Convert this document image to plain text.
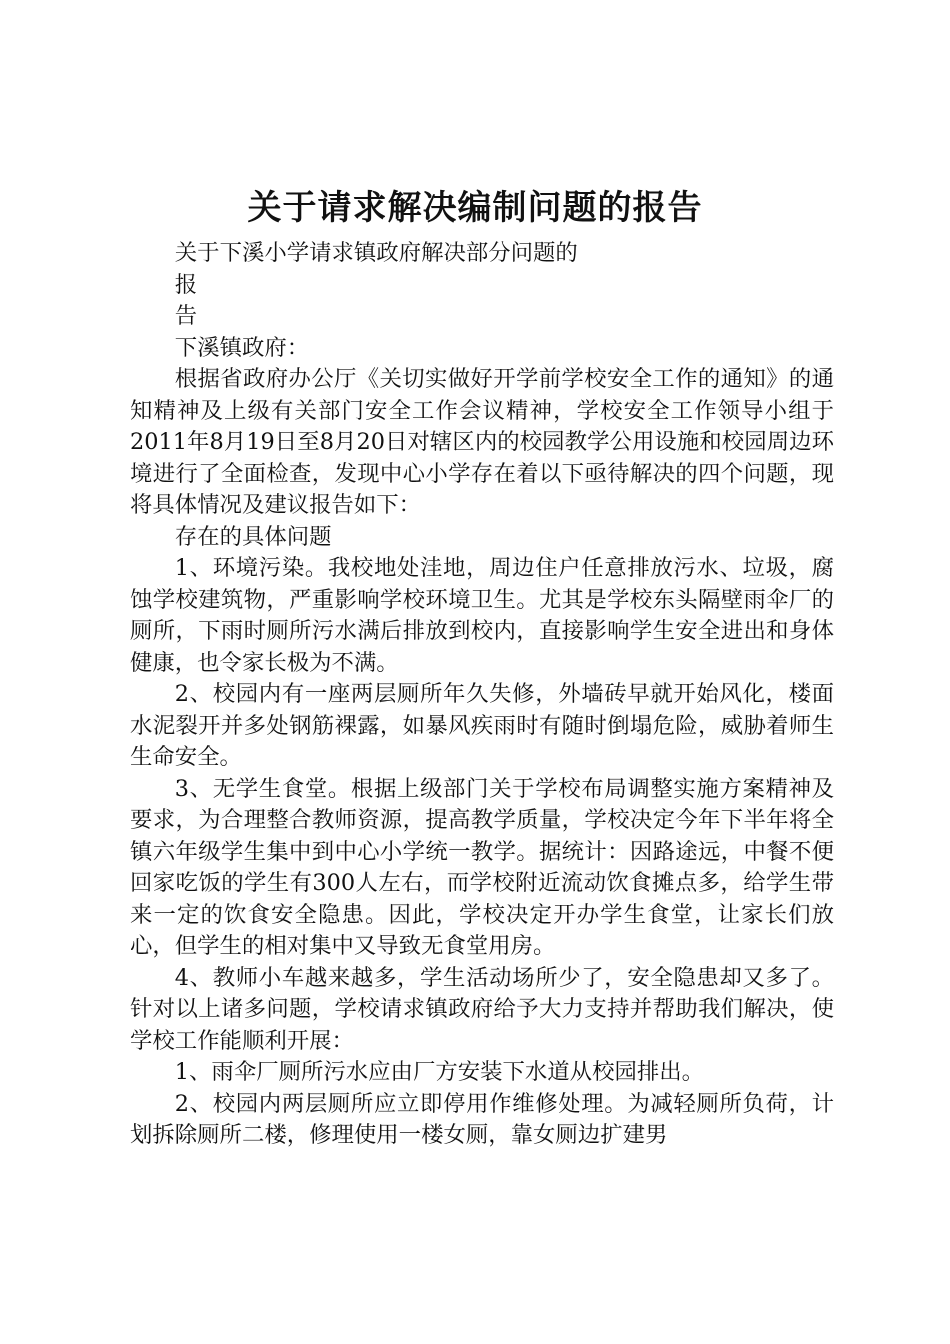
关于请求解决编制问题的报告
关于下溪小学请求镇政府解决部分问题的
报
告

下溪镇政府：

根据省政府办公厅《关切实做好开学前学校安全工作的通知》的通知精神及上级有关部门安全工作会议精神，学校安全工作领导小组于2011年8月19日至8月20日对辖区内的校园教学公用设施和校园周边环境进行了全面检查，发现中心小学存在着以下亟待解决的四个问题，现将具体情况及建议报告如下：

存在的具体问题

1、环境污染。我校地处洼地，周边住户任意排放污水、垃圾，腐蚀学校建筑物，严重影响学校环境卫生。尤其是学校东头隔壁雨伞厂的厕所，下雨时厕所污水满后排放到校内，直接影响学生安全进出和身体健康，也令家长极为不满。

2、校园内有一座两层厕所年久失修，外墙砖早就开始风化，楼面水泥裂开并多处钢筋裸露，如暴风疾雨时有随时倒塌危险，威胁着师生生命安全。

3、无学生食堂。根据上级部门关于学校布局调整实施方案精神及要求，为合理整合教师资源，提高教学质量，学校决定今年下半年将全镇六年级学生集中到中心小学统一教学。据统计：因路途远，中餐不便回家吃饭的学生有300人左右，而学校附近流动饮食摊点多，给学生带来一定的饮食安全隐患。因此，学校决定开办学生食堂，让家长们放心，但学生的相对集中又导致无食堂用房。

4、教师小车越来越多，学生活动场所少了，安全隐患却又多了。针对以上诸多问题，学校请求镇政府给予大力支持并帮助我们解决，使学校工作能顺利开展：

1、雨伞厂厕所污水应由厂方安装下水道从校园排出。

2、校园内两层厕所应立即停用作维修处理。为减轻厕所负荷，计划拆除厕所二楼，修理使用一楼女厕，靠女厕边扩建男
